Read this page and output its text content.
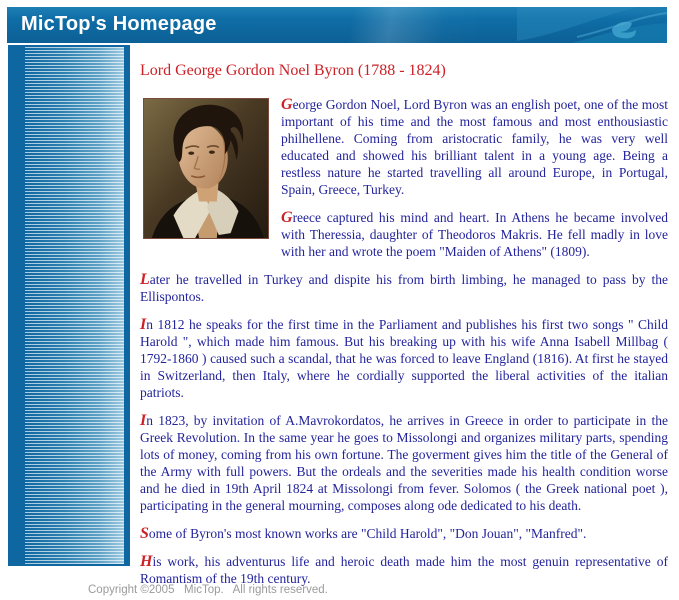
MicTop's Homepage
Lord George Gordon Noel Byron (1788 - 1824)

George Gordon Noel, Lord Byron was an english poet, one of the most important of his time and the most famous and most enthousiastic philhellene. Coming from aristocratic family, he was very well educated and showed his brilliant talent in a young age. Being a restless nature he started travelling all around Europe, in Portugal, Spain, Greece, Turkey.

Greece captured his mind and heart. In Athens he became involved with Theressia, daughter of Theodoros Makris. He fell madly in love with her and wrote the poem "Maiden of Athens" (1809).

Later he travelled in Turkey and dispite his from birth limbing, he managed to pass by the Ellispontos.

In 1812 he speaks for the first time in the Parliament and publishes his first two songs " Child Harold ", which made him famous. But his breaking up with his wife Anna Isabell Millbag ( 1792-1860 ) caused such a scandal, that he was forced to leave England (1816). At first he stayed in Switzerland, then Italy, where he cordially supported the liberal activities of the italian patriots.

In 1823, by invitation of A.Mavrokordatos, he arrives in Greece in order to participate in the Greek Revolution. In the same year he goes to Missolongi and organizes military parts, spending lots of money, coming from his own fortune. The goverment gives him the title of the General of the Army with full powers. But the ordeals and the severities made his health condition worse and he died in 19th April 1824 at Missolongi from fever. Solomos ( the Greek national poet ), participating in the general mourning, composes along ode dedicated to his death.

Some of Byron's most known works are "Child Harold", "Don Jouan", "Manfred".

His work, his adventurus life and heroic death made him the most genuin representative of Romantism of the 19th century.

Copyright ©2005   MicTop.   All rights reserved.
